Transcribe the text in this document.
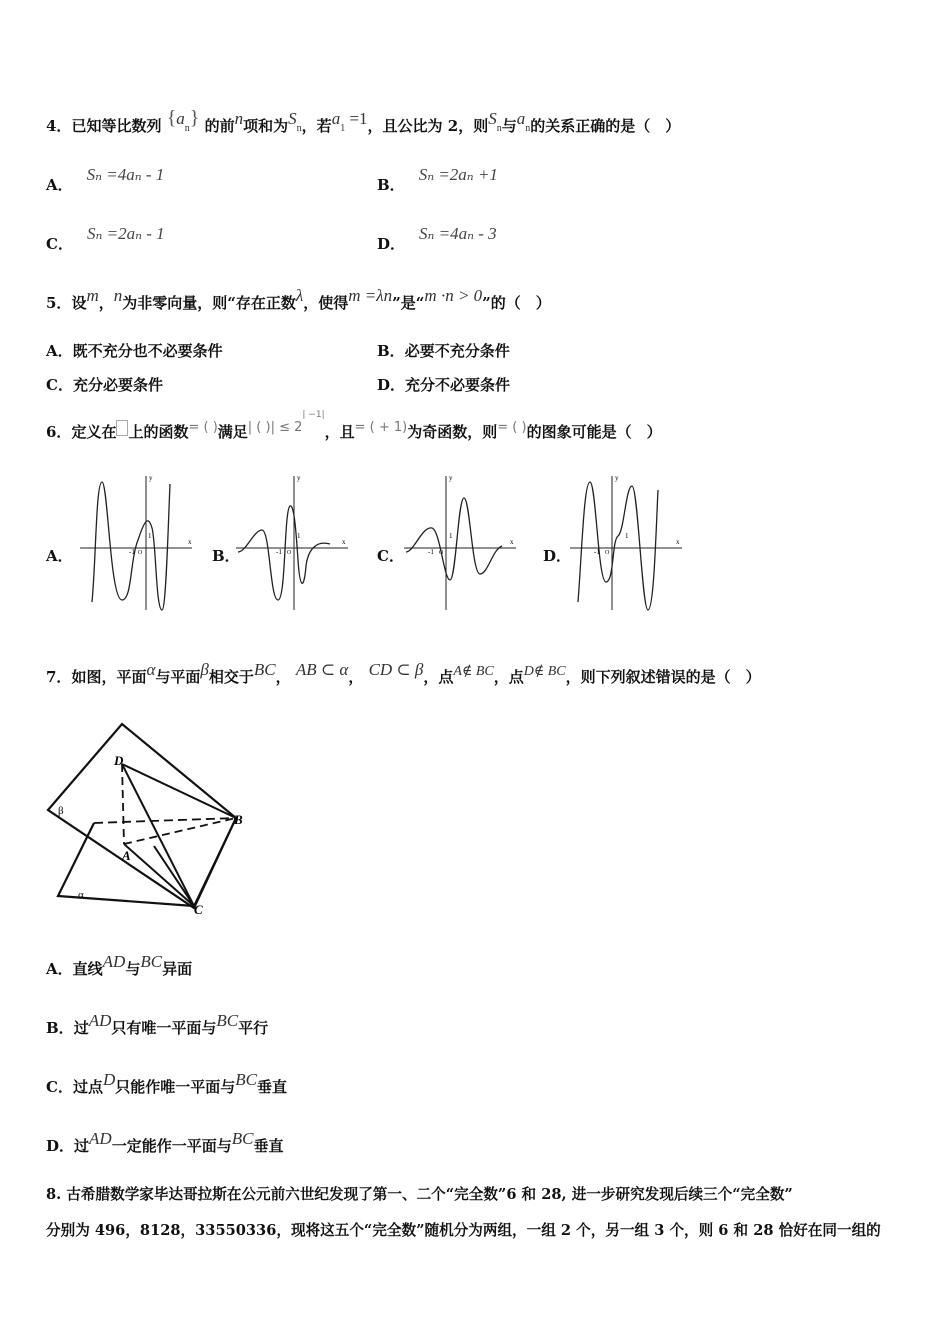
4．已知等比数列 $\{a_n\}$ 的前n项和为$S_n$，若$a_1 =1$，且公比为 2，则$S_n$与$a_n$的关系正确的是（　）
A．Sₙ =4aₙ - 1
B．Sₙ =2aₙ +1
C．Sₙ =2aₙ - 1
D．Sₙ =4aₙ - 3
5．设m，n为非零向量，则“存在正数λ，使得m =λn”是“m ·n > 0”的（　）
A．既不充分也不必要条件	B．必要不充分条件
C．充分必要条件	D．充分不必要条件
6．定义在 上的函数= ( )满足| ( )| ≤ $2^{| -1|}$，且= ( + 1)为奇函数，则= ( )的图象可能是（　）
A．
x
y
-1 O
1
B．
x
y
-1 O
1
C．
x
y
-1 O
1
D．
x
y
-1 O
1
7．如图，平面α与平面β相交于BC， AB ⊂ α， CD ⊂ β，点A∉ BC，点D∉ BC，则下列叙述错误的是（　）
D
A
B
C
β
α
A．直线AD与BC异面
B．过AD只有唯一平面与BC平行
C．过点D只能作唯一平面与BC垂直
D．过AD一定能作一平面与BC垂直
8. 古希腊数学家毕达哥拉斯在公元前六世纪发现了第一、二个“完全数”6 和 28, 进一步研究发现后续三个“完全数”
分别为 496，8128，33550336，现将这五个“完全数”随机分为两组，一组 2 个，另一组 3 个，则 6 和 28 恰好在同一组的
